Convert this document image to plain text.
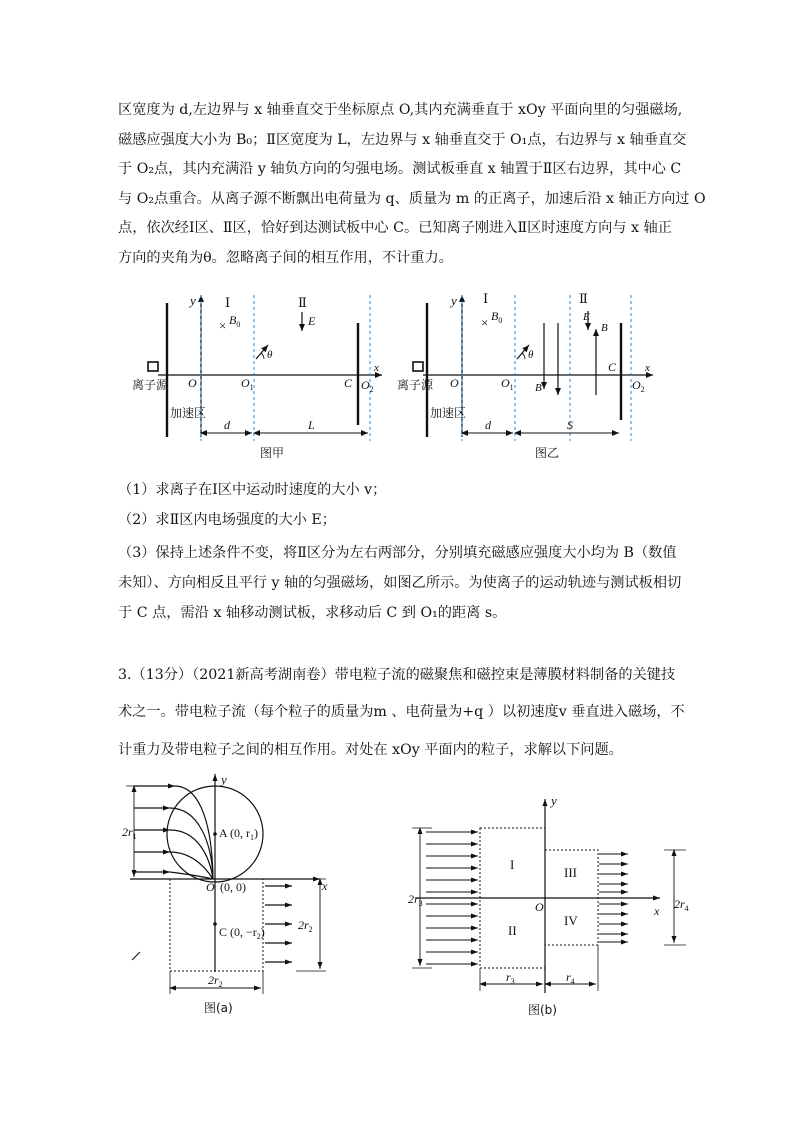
区宽度为 d,左边界与 x 轴垂直交于坐标原点 O,其内充满垂直于 xOy 平面向里的匀强磁场,

磁感应强度大小为 B₀；Ⅱ区宽度为 L，左边界与 x 轴垂直交于 O₁点，右边界与 x 轴垂直交

于 O₂点，其内充满沿 y 轴负方向的匀强电场。测试板垂直 x 轴置于Ⅱ区右边界，其中心 C

与 O₂点重合。从离子源不断飘出电荷量为 q、质量为 m 的正离子，加速后沿 x 轴正方向过 O

点，依次经Ⅰ区、Ⅱ区，恰好到达测试板中心 C。已知离子刚进入Ⅱ区时速度方向与 x 轴正

方向的夹角为θ。忽略离子间的相互作用，不计重力。

离子源
加速区
y
x
Ⅰ	Ⅱ
× $B_0$	E
θ
O	$O_1$	C $O_2$
d	L
图甲
离子源
加速区
y
x
Ⅰ	Ⅱ
× $B_0$	E
θ
B
B
O	$O_1$
C
$O_2$
d	S
图乙
（1）求离子在Ⅰ区中运动时速度的大小 v；
（2）求Ⅱ区内电场强度的大小 E；
（3）保持上述条件不变，将Ⅱ区分为左右两部分，分别填充磁感应强度大小均为 B（数值
未知）、方向相反且平行 y 轴的匀强磁场，如图乙所示。为使离子的运动轨迹与测试板相切
于 C 点，需沿 x 轴移动测试板，求移动后 C 到 O₁的距离 s。
3.（13分）（2021新高考湖南卷）带电粒子流的磁聚焦和磁控束是薄膜材料制备的关键技
术之一。带电粒子流（每个粒子的质量为m 、电荷量为+q ）以初速度v 垂直进入磁场，不
计重力及带电粒子之间的相互作用。对处在 xOy 平面内的粒子，求解以下问题。
y
x
$2r_1$	A (0, $r_1$)
O (0, 0)
C (0, $-r_2$)	$2r_2$
$2r_2$
图(a)
y
x
O
I
II
III
IV
$2r_3$	$2r_4$
$r_3$	$r_4$
图(b)
